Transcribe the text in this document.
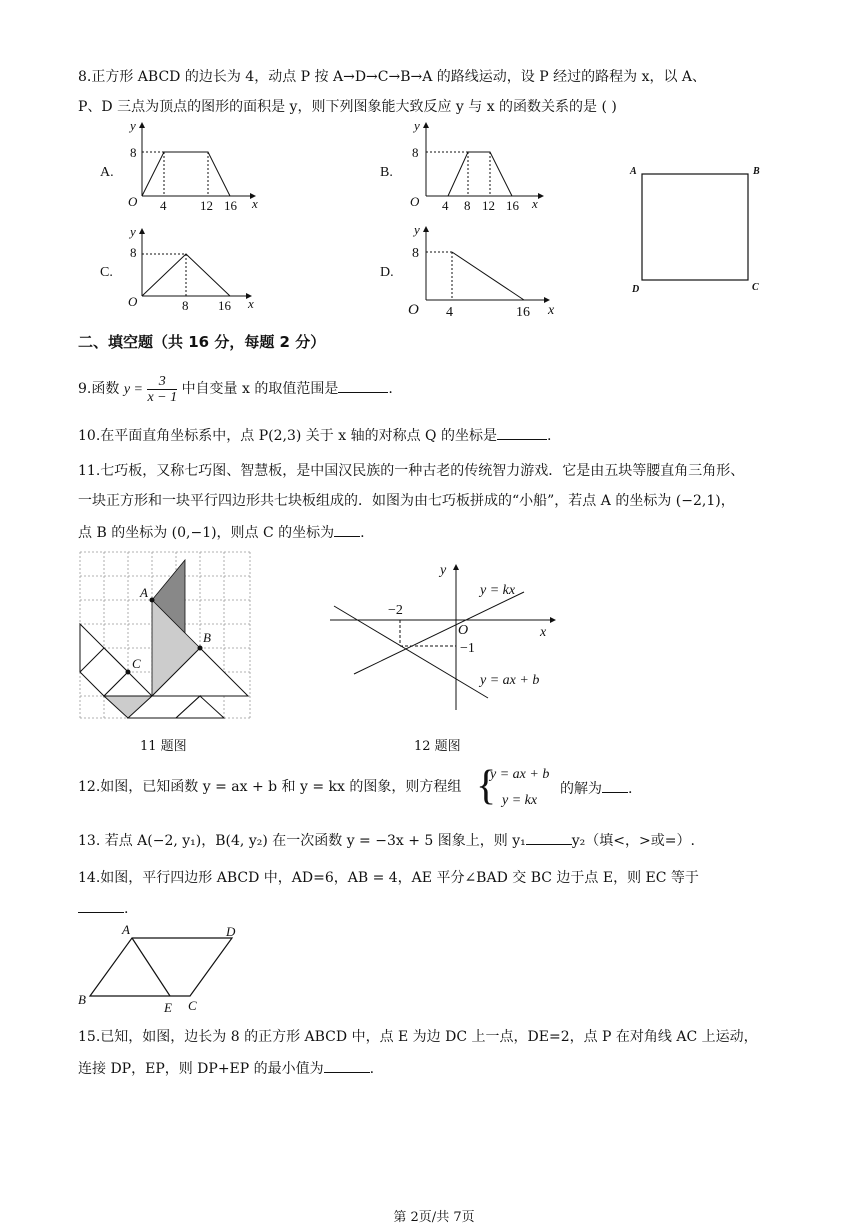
8.正方形 ABCD 的边长为 4，动点 P 按 A→D→C→B→A 的路线运动，设 P 经过的路程为 x，以 A、
P、D 三点为顶点的图形的面积是 y，则下列图象能大致反应 y 与 x 的函数关系的是 ( )
A.
y
x
O
8
4	12 16
B.
y
x
O
8
4 8 12 16
C.
y
x
O
8
8 16
D.
y
x
O
8
4	16
A	B
C
D
二、填空题（共 16 分，每题 2 分）
9.函数 $y = \frac{3}{x - 1}$ 中自变量 x 的取值范围是	.
10.在平面直角坐标系中，点 P(2,3) 关于 x 轴的对称点 Q 的坐标是	.
11.七巧板，又称七巧图、智慧板，是中国汉民族的一种古老的传统智力游戏．它是由五块等腰直角三角形、
一块正方形和一块平行四边形共七块板组成的．如图为由七巧板拼成的“小船”，若点 A 的坐标为 (−2,1)，
点 B 的坐标为 (0,−1)，则点 C 的坐标为 .
A
B
C
11 题图
y
x
O
−2
−1
y = kx
y = ax + b
12 题图
12.如图，已知函数 y = ax + b 和 y = kx 的图象，则方程组 {
y = ax + b
y = kx
的解为 .
13. 若点 A(−2, y₁)，B(4, y₂) 在一次函数 y = −3x + 5 图象上，则 y₁	y₂（填<，>或=）.
14.如图，平行四边形 ABCD 中，AD=6，AB = 4，AE 平分∠BAD 交 BC 边于点 E，则 EC 等于
.
A
B	C
D
E
15.已知，如图，边长为 8 的正方形 ABCD 中，点 E 为边 DC 上一点，DE=2，点 P 在对角线 AC 上运动，
连接 DP，EP，则 DP+EP 的最小值为	.
第 2页/共 7页
